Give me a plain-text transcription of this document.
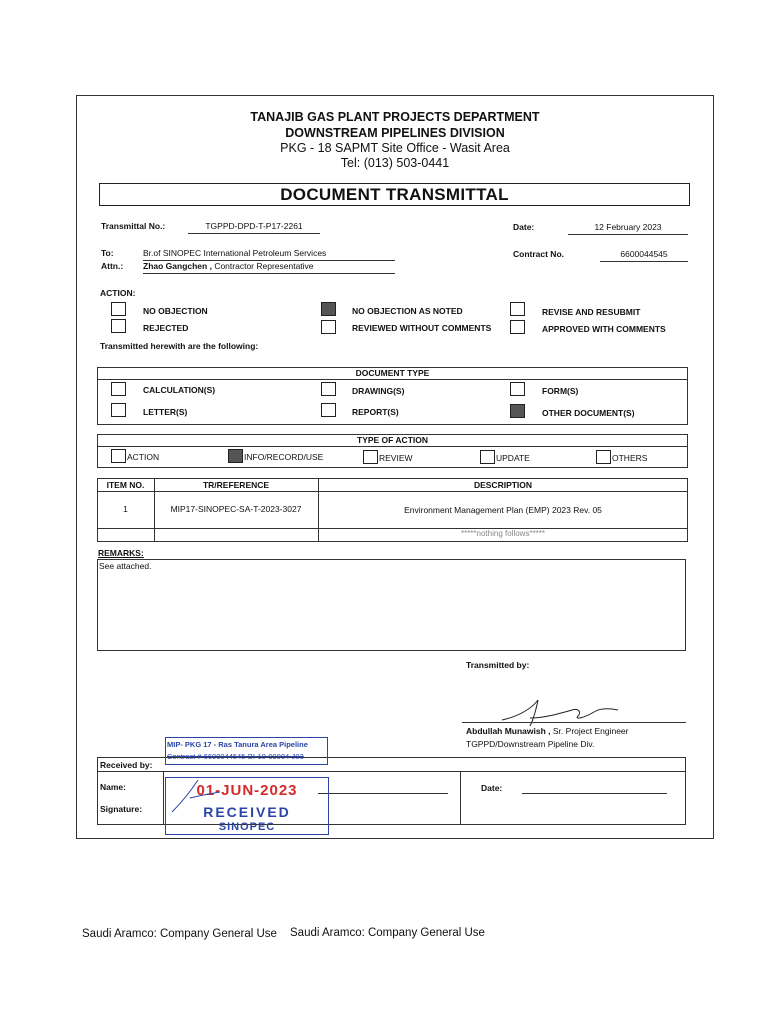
TANAJIB GAS PLANT PROJECTS DEPARTMENT
DOWNSTREAM PIPELINES DIVISION
PKG - 18 SAPMT Site Office - Wasit Area
Tel: (013) 503-0441
DOCUMENT TRANSMITTAL
Transmittal No.:	TGPPD-DPD-T-P17-2261	Date:	12 February 2023
To:	Br.of SINOPEC International Petroleum Services
Attn.: Zhao Gangchen , Contractor Representative
Contract No.	6600044545
ACTION:
NO OBJECTION	NO OBJECTION AS NOTED	REVISE AND RESUBMIT
REJECTED	REVIEWED WITHOUT COMMENTS	APPROVED WITH COMMENTS
Transmitted herewith are the following:
DOCUMENT TYPE
CALCULATION(S)	DRAWING(S)	FORM(S)
LETTER(S)	REPORT(S)	OTHER DOCUMENT(S)
TYPE OF ACTION
ACTION	INFO/RECORD/USE	REVIEW	UPDATE	OTHERS
ITEM NO.	TR/REFERENCE	DESCRIPTION
1	MIP17-SINOPEC-SA-T-2023-3027	Environment Management Plan (EMP) 2023 Rev. 05
*****nothing follows*****
REMARKS:
See attached.
Transmitted by:
Abdullah Munawish , Sr. Project Engineer
TGPPD/Downstream Pipeline Div.
Received by:
Name:
Signature:
Date:
MIP- PKG 17 - Ras Tanura Area Pipeline
Contract # 6600044545-BI-10-09004-J03
01-JUN-2023
RECEIVED
SINOPEC
Saudi Aramco: Company General Use Saudi Aramco: Company General Use
